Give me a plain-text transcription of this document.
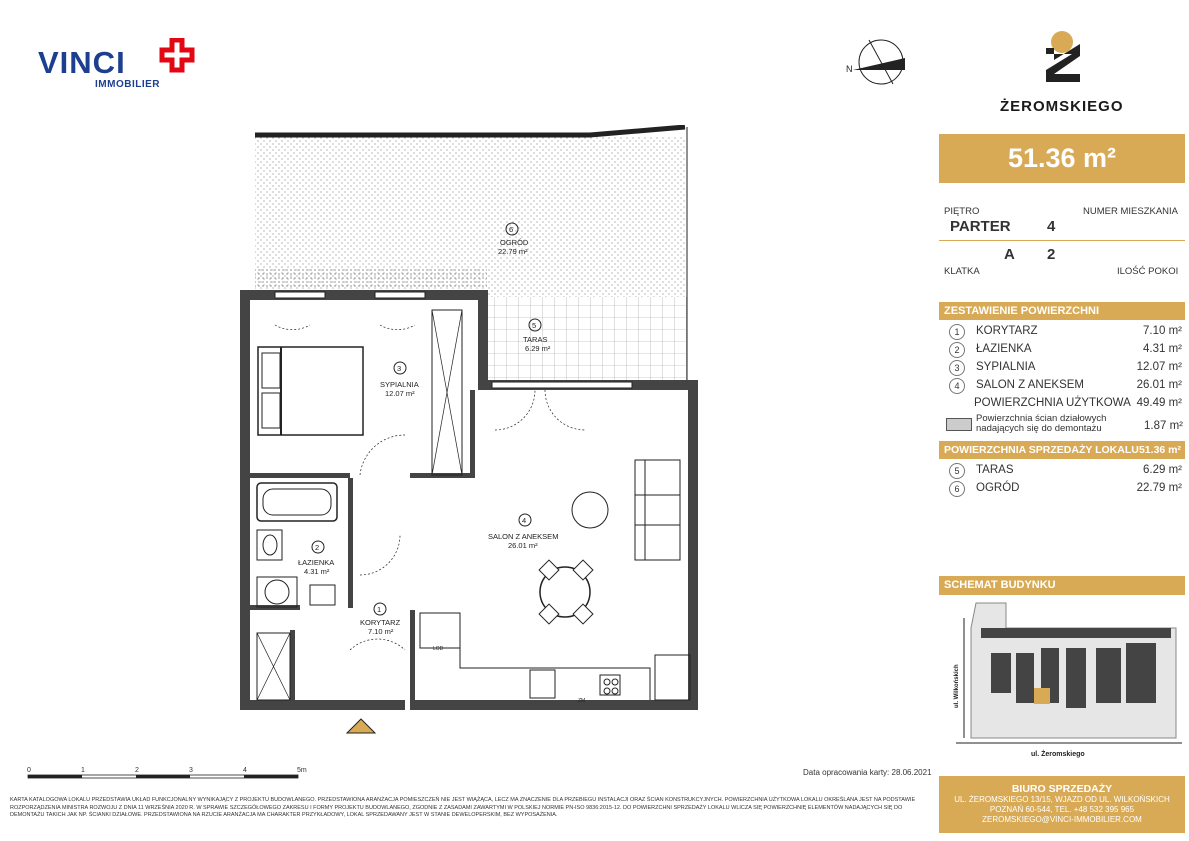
VINCI
IMMOBILIER
N
ŻEROMSKIEGO
6
OGRÓD
22.79 m²
5
TARAS
6.29 m²
3
SYPIALNIA
12.07 m²
4
SALON Z ANEKSEM
26.01 m²
2
ŁAZIENKA
4.31 m²
1
KORYTARZ
7.10 m²
LOD
ZM
51.36 m²
PIĘTRO	NUMER MIESZKANIA
PARTER 4
A 2
KLATKA	ILOŚĆ POKOI
ZESTAWIENIE POWIERZCHNI
1	KORYTARZ	7.10 m²
2	ŁAZIENKA	4.31 m²
3	SYPIALNIA	12.07 m²
4	SALON Z ANEKSEM	26.01 m²
POWIERZCHNIA UŻYTKOWA 49.49 m²
Powierzchnia ścian działowych
nadających się do demontażu	1.87 m²
POWIERZCHNIA SPRZEDAŻY LOKALU 51.36 m²
5	TARAS	6.29 m²
6	OGRÓD	22.79 m²
SCHEMAT BUDYNKU
ul. Żeromskiego
ul. Wilkońskich
0	1	2	3	4	5m	Data opracowania karty: 28.06.2021
KARTA KATALOGOWA LOKALU PRZEDSTAWIA UKŁAD FUNKCJONALNY WYNIKAJĄCY Z PROJEKTU BUDOWLANEGO. PRZEDSTAWIONA ARANŻACJA POMIESZCZEŃ NIE JEST WIĄŻĄCA, LECZ MA ZNACZENIE DLA PRZEBIEGU INSTALACJI ORAZ ŚCIAN KONSTRUKCYJNYCH. POWIERZCHNIA UŻYTKOWA LOKALU OKREŚLANA JEST NA PODSTAWIE ROZPORZĄDZENIA MINISTRA ROZWOJU Z DNIA 11 WRZEŚNIA 2020 R. W SPRAWIE SZCZEGÓŁOWEGO ZAKRESU I FORMY PROJEKTU BUDOWLANEGO, ZGODNIE Z ZASADAMI ZAWARTYMI W POLSKIEJ NORMIE PN-ISO 9836:2015-12. DO POWIERZCHNI SPRZEDAŻY LOKALU WLICZA SIĘ POWIERZCHNIĘ ELEMENTÓW NADAJĄCYCH SIĘ DO DEMONTAŻU TAKICH JAK NP. ŚCIANKI DZIAŁOWE. PRZEDSTAWIONA NA RZUCIE ARANŻACJA MA CHARAKTER PRZYKŁADOWY, LOKAL SPRZEDAWANY JEST W STANIE DEWELOPERSKIM, BEZ WYPOSAŻENIA.
BIURO SPRZEDAŻY
UL. ŻEROMSKIEGO 13/15, WJAZD OD UL. WILKOŃSKICH
POZNAŃ 60-544, TEL. +48 532 395 965
ZEROMSKIEGO@VINCI-IMMOBILIER.COM
